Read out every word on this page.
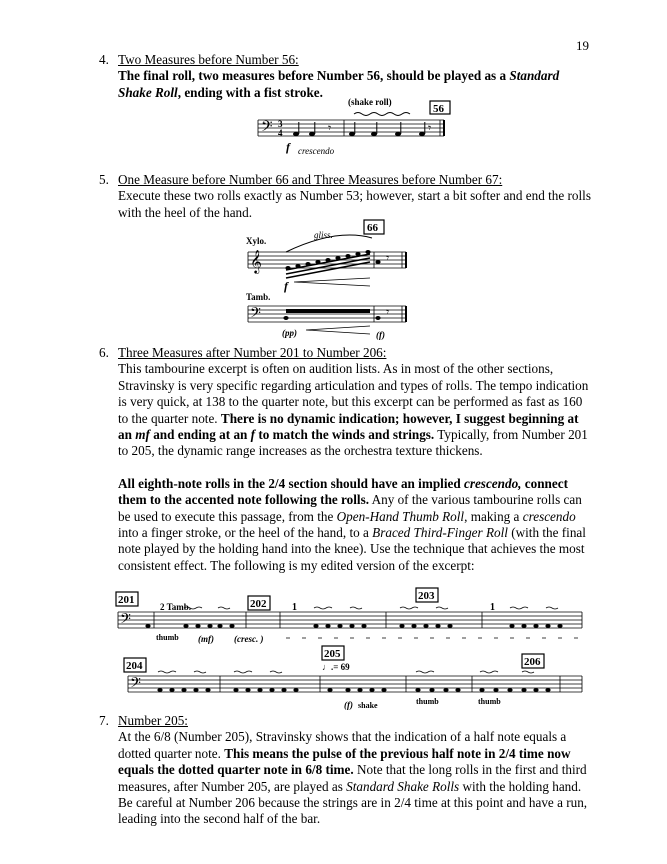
19
4. Two Measures before Number 56:
The final roll, two measures before Number 56, should be played as a Standard Shake Roll, ending with a fist stroke.
𝄢 3
4	𝄾	𝄾
(shake roll)
56
f crescendo
5. One Measure before Number 66 and Three Measures before Number 67:
Execute these two rolls exactly as Number 53; however, start a bit softer and end the rolls with the heel of the hand.
66
Xylo.
gliss.
𝄞	𝄾
f
Tamb.
𝄢	𝄾
(pp)	(f)
6. Three Measures after Number 201 to Number 206:
This tambourine excerpt is often on audition lists. As in most of the other sections, Stravinsky is very specific regarding articulation and types of rolls. The tempo indication is very quick, at 138 to the quarter note, but this excerpt can be performed as fast as 160 to the quarter note. There is no dynamic indication; however, I suggest beginning at an mf and ending at an f to match the winds and strings. Typically, from Number 201 to 205, the dynamic range increases as the orchestra texture thickens.
All eighth-note rolls in the 2/4 section should have an implied crescendo, connect them to the accented note following the rolls. Any of the various tambourine rolls can be used to execute this passage, from the Open-Hand Thumb Roll, making a crescendo into a finger stroke, or the heel of the hand, to a Braced Third-Finger Roll (with the final note played by the holding hand into the knee). Use the technique that achieves the most consistent effect. The following is my edited version of the excerpt:
201	202
203
𝄢
2 Tamb.
thumb
1	1
(mf) (cresc. )
204
205
♩.= 69	206
𝄢
(f) shake	thumb	thumb
7. Number 205:
At the 6/8 (Number 205), Stravinsky shows that the indication of a half note equals a dotted quarter note. This means the pulse of the previous half note in 2/4 time now equals the dotted quarter note in 6/8 time. Note that the long rolls in the first and third measures, after Number 205, are played as Standard Shake Rolls with the holding hand. Be careful at Number 206 because the strings are in 2/4 time at this point and have a run, leading into the second half of the bar.
